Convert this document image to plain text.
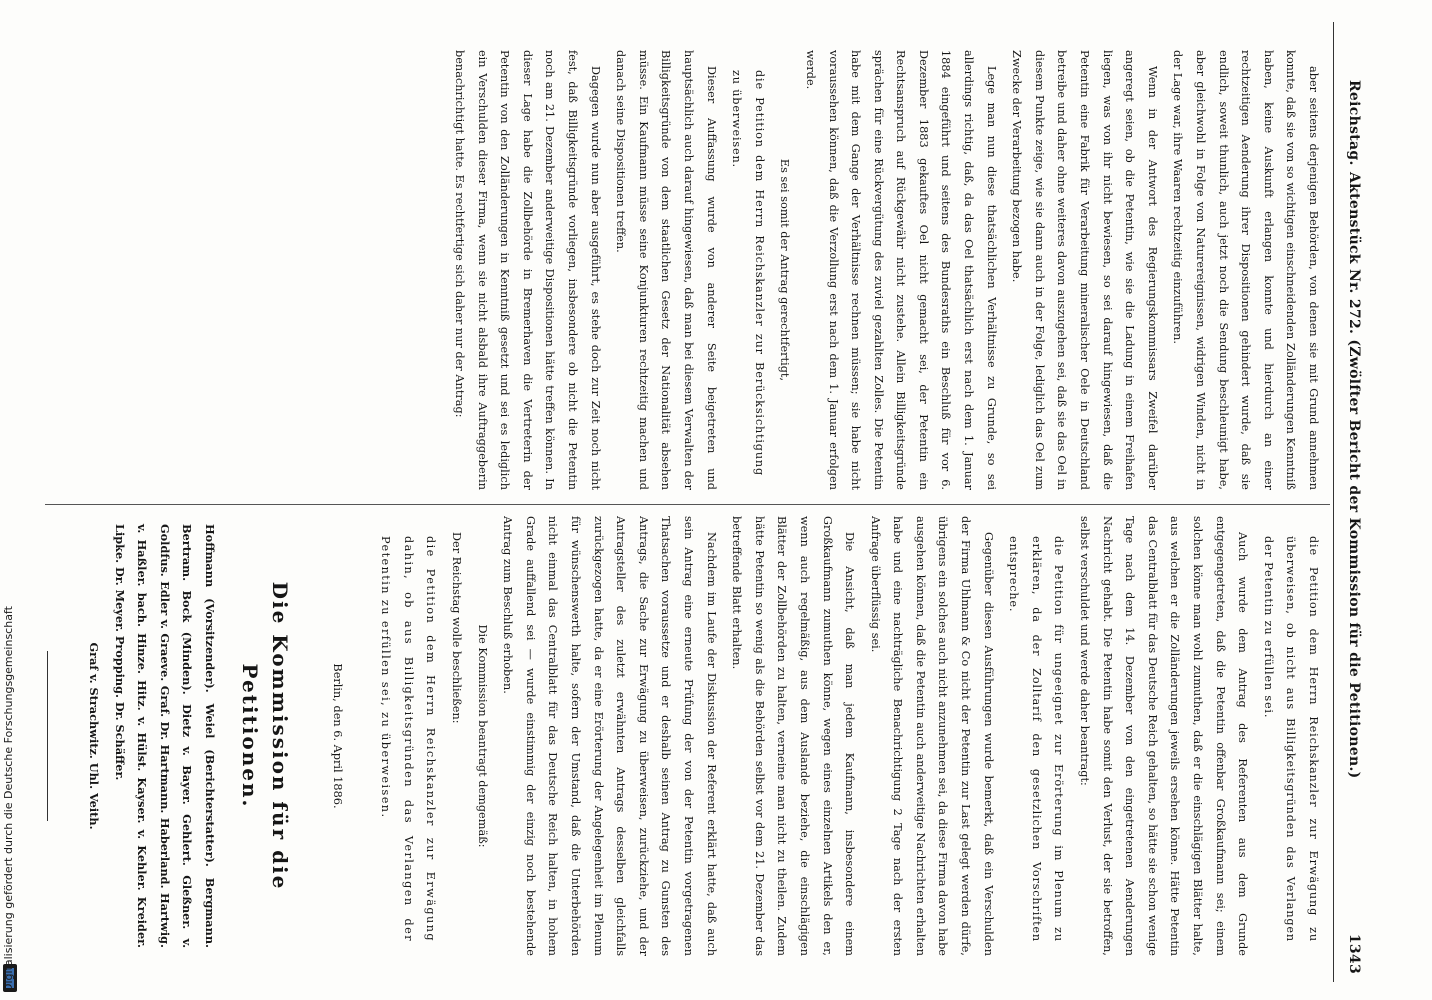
Reichstag.
Aktenstück Nr. 272. (Zwölfter Bericht der Kommission für die Petitionen.)
1343

aber seitens derjenigen Behörden, von denen sie mit Grund annehmen konnte, daß sie von so wichtigen einschneidenden Zolländerungen Kenntniß haben, keine Auskunft erlangen konnte und hierdurch an einer rechtzeitigen Aenderung ihrer Dispositionen gehindert wurde, daß sie endlich, soweit thunlich, auch jetzt noch die Sendung beschleunigt habe, aber gleichwohl in Folge von Naturereignissen, widrigen Winden, nicht in der Lage war, ihre Waaren rechtzeitig einzuführen.

Wenn in der Antwort des Regierungskommissars Zweifel darüber angeregt seien, ob die Petentin, wie sie die Ladung in einem Freihafen liegen, was von ihr nicht bewiesen, so sei darauf hingewiesen, daß die Petentin eine Fabrik für Verarbeitung mineralischer Oele in Deutschland betreibe und daher ohne weiteres davon auszugehen sei, daß sie das Oel in diesem Punkte zeige, wie sie dann auch in der Folge, lediglich das Oel zum Zwecke der Verarbeitung bezogen habe.

Lege man nun diese thatsächlichen Verhältnisse zu Grunde, so sei allerdings richtig, daß, da das Oel thatsächlich erst nach dem 1. Januar 1884 eingeführt und seitens des Bundesraths ein Beschluß für vor 6. Dezember 1883 gekauftes Oel nicht gemacht sei, der Petentin ein Rechtsanspruch auf Rückgewähr nicht zustehe. Allein Billigkeitsgründe sprächen für eine Rückvergütung des zuviel gezahlten Zolles. Die Petentin habe mit dem Gange der Verhältnisse rechnen müssen; sie habe nicht voraussehen können, daß die Verzollung erst nach dem 1. Januar erfolgen werde.

Es sei somit der Antrag gerechtfertigt,

die Petition dem Herrn Reichskanzler zur Berücksichtigung zu überweisen.

Dieser Auffassung wurde von anderer Seite beigetreten und hauptsächlich auch darauf hingewiesen, daß man bei diesem Verwalten der Billigkeitsgründe von dem staatlichen Gesetz der Nationalität absehen müsse. Ein Kaufmann müsse seine Konjunkturen rechtzeitig machen und danach seine Dispositionen treffen.

Dagegen wurde nun aber ausgeführt, es stehe doch zur Zeit noch nicht fest, daß Billigkeitsgründe vorliegen, insbesondere ob nicht die Petentin noch am 21. Dezember anderweitige Dispositionen hätte treffen können. In dieser Lage habe die Zollbehörde in Bremerhaven die Vertreterin der Petentin von den Zolländerungen in Kenntniß gesetzt und sei es lediglich ein Verschulden dieser Firma, wenn sie nicht alsbald ihre Auftraggeberin benachrichtigt hatte. Es rechtfertige sich daher nur der Antrag:

die Petition dem Herrn Reichskanzler zur Erwägung zu überweisen, ob nicht aus Billigkeitsgründen das Verlangen der Petentin zu erfüllen sei.

Auch wurde dem Antrag des Referenten aus dem Grunde entgegengetreten, daß die Petentin offenbar Großkaufmann sei; einem solchen könne man wohl zumuthen, daß er die einschlägigen Blätter halte, aus welchen er die Zolländerungen jeweils ersehen könne. Hätte Petentin das Centralblatt für das Deutsche Reich gehalten, so hätte sie schon wenige Tage nach dem 14. Dezember von den eingetretenen Aenderungen Nachricht gehabt. Die Petentin habe somit den Verlust, der sie betroffen, selbst verschuldet und werde daher beantragt:

die Petition für ungeeignet zur Erörterung im Plenum zu erklären, da der Zolltarif den gesetzlichen Vorschriften entspreche.

Gegenüber diesen Ausführungen wurde bemerkt, daß ein Verschulden der Firma Uhlmann & Co nicht der Petentin zur Last gelegt werden dürfe, übrigens ein solches auch nicht anzunehmen sei, da diese Firma davon habe ausgehen können, daß die Petentin auch anderweitige Nachrichten erhalten habe und eine nachträgliche Benachrichtigung 2 Tage nach der ersten Anfrage überflüssig sei.

Die Ansicht, daß man jedem Kaufmann, insbesondere einem Großkaufmann zumuthen könne, wegen eines einzelnen Artikels den er, wenn auch regelmäßig, aus dem Auslande beziehe, die einschlägigen Blätter der Zollbehörden zu halten, verneine man nicht zu theilen. Zudem hätte Petentin so wenig als die Behörden selbst vor dem 21. Dezember das betreffende Blatt erhalten.

Nachdem im Laufe der Diskussion der Referent erklärt hatte, daß auch sein Antrag eine erneute Prüfung der von der Petentin vorgetragenen Thatsachen voraussetze und er deshalb seinen Antrag zu Gunsten des Antrags, die Sache zur Erwägung zu überweisen, zurückziehe, und der Antragsteller des zuletzt erwähnten Antrags desselben gleichfalls zurückgezogen hatte, da er eine Erörterung der Angelegenheit im Plenum für wünschenswerth halte, sofern der Umstand, daß die Unterbehörden nicht einmal das Centralblatt für das Deutsche Reich halten, in hohem Grade auffallend sei — wurde einstimmig der einzig noch bestehende Antrag zum Beschluß erhoben.

Die Kommission beantragt demgemäß:

Der Reichstag wolle beschließen:

die Petition dem Herrn Reichskanzler zur Erwägung dahin, ob aus Billigkeitsgründen das Verlangen der Petentin zu erfüllen sei, zu überweisen.

Berlin, den 6. April 1886.

Die Kommission für die Petitionen.

Hoffmann (Vorsitzender). Weiel (Berichterstatter). Bergmann. Bertram. Bock (Minden). Dietz v. Bayer. Gehlert. Gleßner. v. Goldfus. Edler v. Graeve. Graf. Dr. Hartmann. Haberland. Hartwig. v. Haßler. bach. Hinze. Hitz. v. Hülst. Kayser. v. Kehler. Kreider. Lipke. Dr. Meyer. Propping. Dr. Schäffer.

Graf v. Strachwitz. Uhl. Veith.

Digitalisierung gefördert durch die Deutsche Forschungsgemeinschaft
